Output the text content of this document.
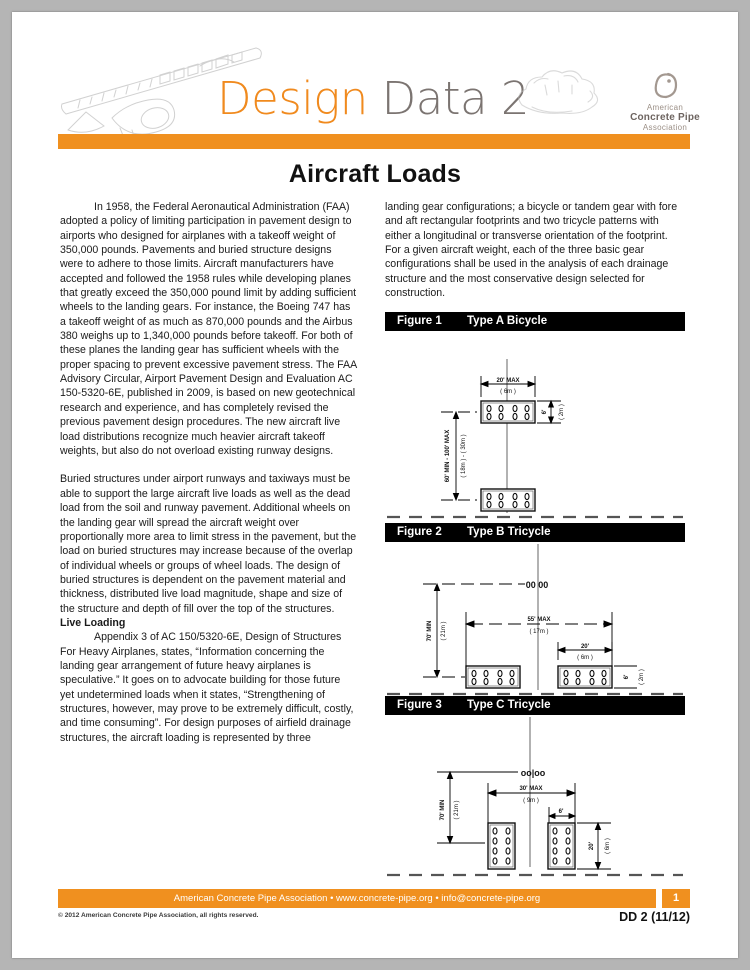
Design Data 2	American
Concrete Pipe
Association
Aircraft Loads

In 1958, the Federal Aeronautical Administration (FAA) adopted a policy of limiting participation in pavement design to airports who designed for airplanes with a takeoff weight of 350,000 pounds. Pavements and buried structure designs were to adhere to those limits. Aircraft manufacturers have accepted and followed the 1958 rules while developing planes that greatly exceed the 350,000 pound limit by adding sufficient wheels to the landing gears. For instance, the Boeing 747 has a takeoff weight of as much as 870,000 pounds and the Airbus 380 weighs up to 1,340,000 pounds before takeoff. For both of these planes the landing gear has sufficient wheels with the proper spacing to prevent excessive pavement stress. The FAA Advisory Circular, Airport Pavement Design and Evaluation AC 150-5320-6E, published in 2009, is based on new geotechnical research and experience, and has completely revised the previous pavement design procedures. The new aircraft live load distributions recognize much heavier aircraft takeoff weights, but also do not overload existing runway designs.

Buried structures under airport runways and taxiways must be able to support the large aircraft live loads as well as the dead load from the soil and runway pavement. Additional wheels on the landing gear will spread the aircraft weight over proportionally more area to limit stress in the pavement, but the load on buried structures may increase because of the overlap of individual wheels or groups of wheel loads. The design of buried structures is dependent on the pavement material and thickness, distributed live load magnitude, shape and size of the structure and depth of fill over the top of the structures.

Live Loading

Appendix 3 of AC 150/5320-6E, Design of Structures For Heavy Airplanes, states, “Information concerning the landing gear arrangement of future heavy airplanes is speculative.” It goes on to advocate building for those future yet undetermined loads when it states, “Strengthening of structures, however, may prove to be extremely difficult, costly, and time consuming”. For design purposes of airfield drainage structures, the aircraft loading is represented by three

landing gear configurations; a bicycle or tandem gear with fore and aft rectangular footprints and two tricycle patterns with either a longitudinal or transverse orientation of the footprint. For a given aircraft weight, each of the three basic gear configurations shall be used in the analysis of each drainage structure and the most conservative design selected for construction.

Figure 1 Type A Bicycle
20' MAX
( 6m )
6' ( 2m )
60' MIN - 100' MAX ( 18m ) - ( 30m )
Figure 2 Type B Tricycle
00 00
70' MIN ( 21m )
55' MAX
( 17m )
20'
( 6m )
6' ( 2m )
Figure 3 Type C Tricycle
oo|oo
70' MIN ( 21m )
30' MAX
( 9m )
6'
20' ( 6m )
American Concrete Pipe Association • www.concrete-pipe.org • info@concrete-pipe.org	1
© 2012 American Concrete Pipe Association, all rights reserved.	DD 2 (11/12)
